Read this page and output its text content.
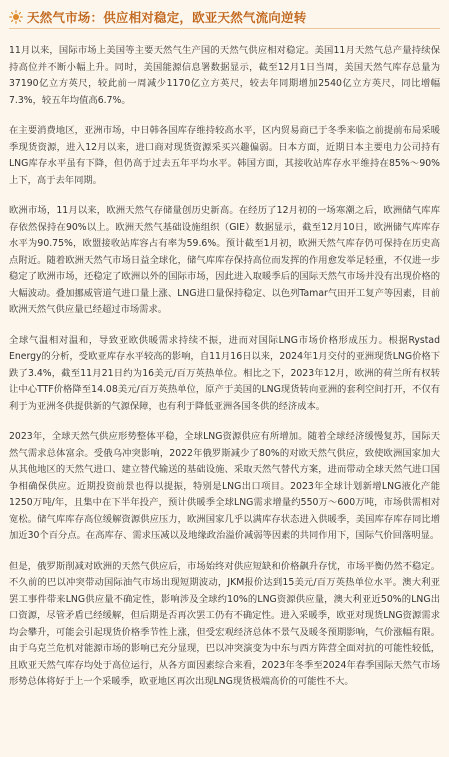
天然气市场：供应相对稳定，欧亚天然气流向逆转

11月以来，国际市场上美国等主要天然气生产国的天然气供应相对稳定。美国11月天然气总产量持续保持高位并不断小幅上升。同时，美国能源信息署数据显示，截至12月1日当周，美国天然气库存总量为37190亿立方英尺，较此前一周减少1170亿立方英尺，较去年同期增加2540亿立方英尺，同比增幅7.3%，较五年均值高6.7%。

在主要消费地区，亚洲市场，中日韩各国库存维持较高水平，区内贸易商已于冬季来临之前提前布局采暖季现货资源，进入12月以来，进口商对现货资源采买兴趣偏弱。日本方面，近期日本主要电力公司持有LNG库存水平虽有下降，但仍高于过去五年平均水平。韩国方面，其接收站库存水平维持在85%～90%上下，高于去年同期。

欧洲市场，11月以来，欧洲天然气存储量创历史新高。在经历了12月初的一场寒潮之后，欧洲储气库库存依然保持在90%以上。欧洲天然气基础设施组织（GIE）数据显示，截至12月10日，欧洲储气库库存水平为90.75%，欧盟接收站库容占有率为59.6%。预计截至1月初，欧洲天然气库存仍可保持在历史高点附近。随着欧洲天然气市场日益全球化，储气库库存保持高位而发挥的作用愈发举足轻重，不仅进一步稳定了欧洲市场，还稳定了欧洲以外的国际市场，因此进入取暖季后的国际天然气市场并没有出现价格的大幅波动。叠加挪威管道气进口量上涨、LNG进口量保持稳定、以色列Tamar气田开工复产等因素，目前欧洲天然气供应量已经超过市场需求。

全球气温相对温和，导致亚欧供暖需求持续不振，进而对国际LNG市场价格形成压力。根据Rystad Energy的分析，受欧亚库存水平较高的影响，自11月16日以来，2024年1月交付的亚洲现货LNG价格下跌了3.4%，截至11月21日约为16美元/百万英热单位。相比之下，2023年12月，欧洲的荷兰所有权转让中心TTF价格降至14.08美元/百万英热单位，原产于美国的LNG现货转向亚洲的套利空间打开，不仅有利于为亚洲冬供提供新的气源保障，也有利于降低亚洲各国冬供的经济成本。

2023年，全球天然气供应形势整体平稳，全球LNG资源供应有所增加。随着全球经济缓慢复苏，国际天然气需求总体富余。受俄乌冲突影响，2022年俄罗斯减少了80%的对欧天然气供应，致使欧洲国家加大从其他地区的天然气进口、建立替代输送的基础设施、采取天然气替代方案，进而带动全球天然气进口国争相确保供应。近期投资前景也得以提振，特别是LNG出口项目。2023年全球计划新增LNG液化产能1250万吨/年，且集中在下半年投产，预计供暖季全球LNG需求增量约550万～600万吨，市场供需相对宽松。储气库库存高位缓解资源供应压力，欧洲国家几乎以满库存状态进入供暖季，美国库存库存同比增加近30个百分点。在高库存、需求压减以及地缘政治溢价减弱等因素的共同作用下，国际气价回落明显。

但是，俄罗斯削减对欧洲的天然气供应后，市场始终对供应短缺和价格飙升存忧，市场平衡仍然不稳定。不久前的巴以冲突带动国际油气市场出现短期波动，JKM报价达到15美元/百万英热单位水平。澳大利亚罢工事件带来LNG供应量不确定性，影响涉及全球约10%的LNG资源供应量，澳大利亚近50%的LNG出口资源，尽管矛盾已经缓解，但后期是否再次罢工仍有不确定性。进入采暖季，欧亚对现货LNG资源需求均会攀升，可能会引起现货价格季节性上涨，但受宏观经济总体不景气及暖冬预期影响，气价涨幅有限。由于乌克兰危机对能源市场的影响已充分显现，巴以冲突演变为中东与西方阵营全面对抗的可能性较低，且欧亚天然气库存均处于高位运行，从各方面因素综合来看，2023年冬季至2024年春季国际天然气市场形势总体将好于上一个采暖季，欧亚地区再次出现LNG现货极端高价的可能性不大。
